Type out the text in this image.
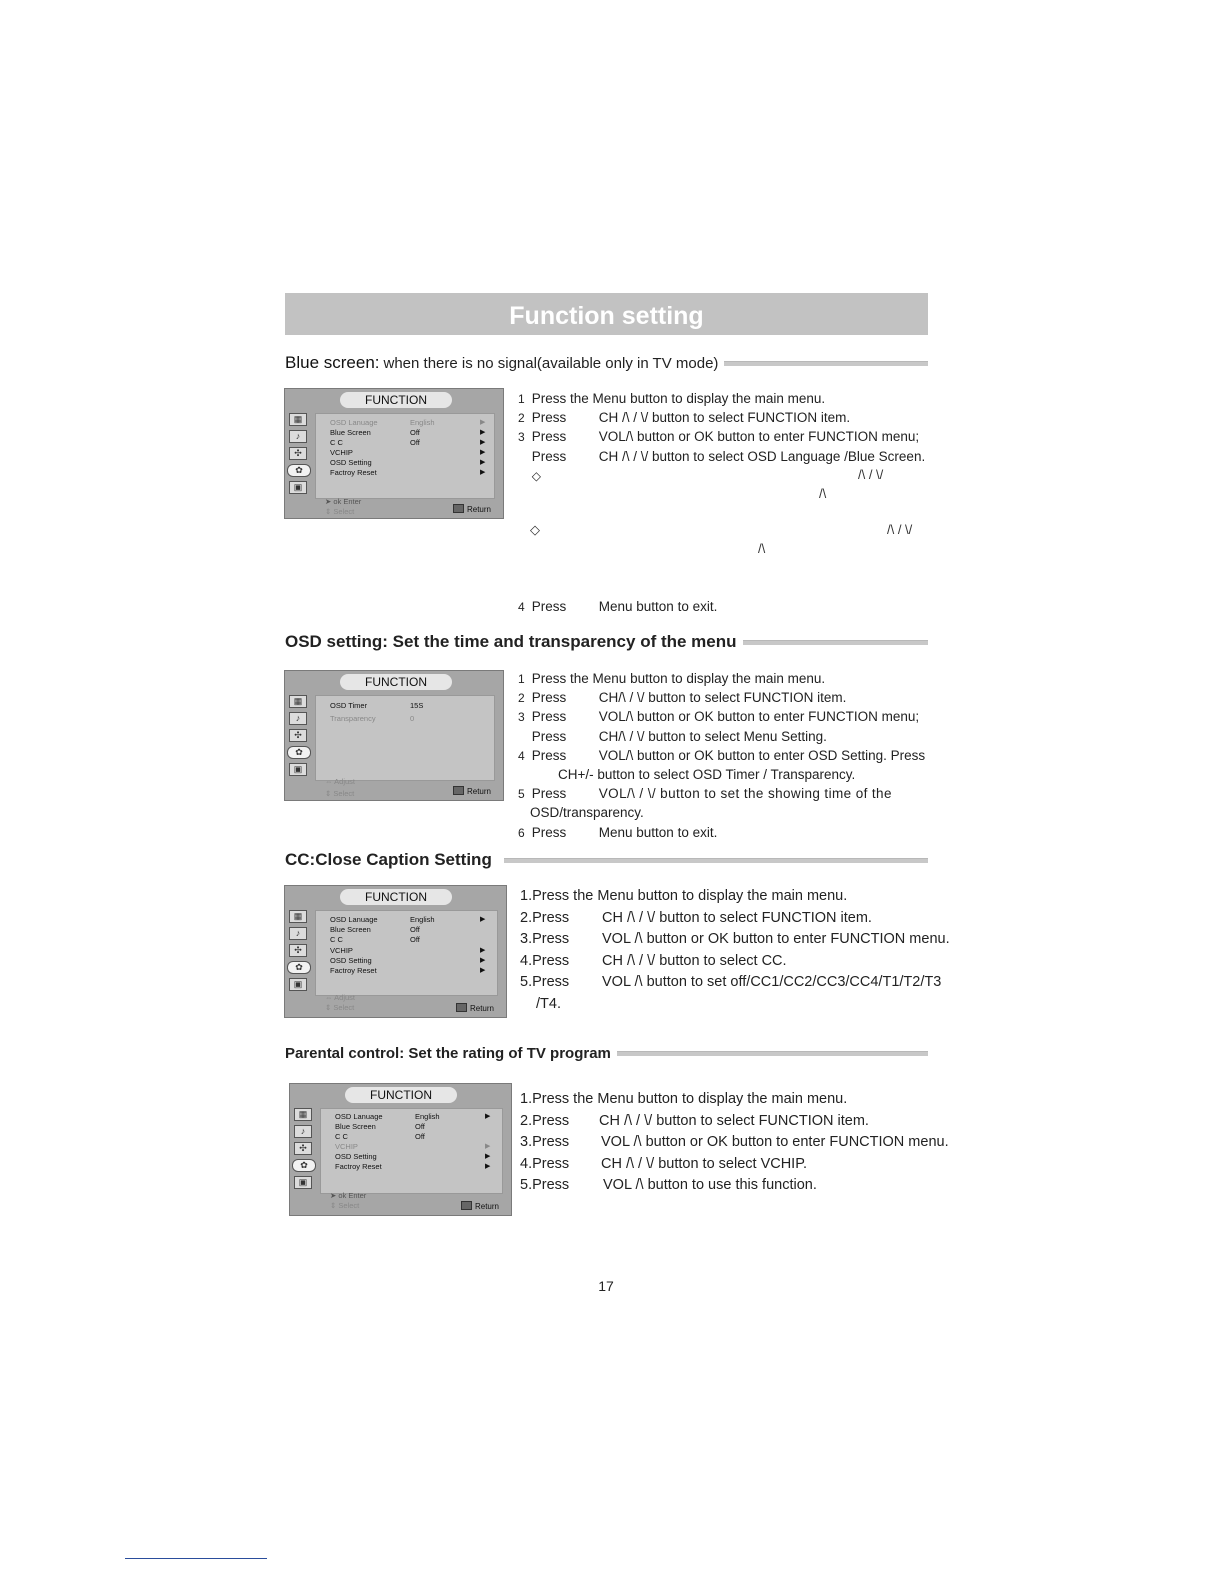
Function setting
Blue screen: when there is no signal(available only in TV mode)
FUNCTION
▦
♪
✣
✿
▣
OSD Lanuage	English	▶
Blue Screen	Off	▶
C C	Off	▶
VCHIP	▶
OSD Setting	▶
Factroy Reset	▶
➤ ok Enter
⇕ Select	Return
1 Press the Menu button to display the main menu.
2 Press CH /\ / \/ button to select FUNCTION item.
3 Press VOL/\ button or OK button to enter FUNCTION menu;
Press CH /\ / \/ button to select OSD Language /Blue Screen.
◇	/\ / \/
/\
◇	/\ / \/
/\
4 Press Menu button to exit.
OSD setting: Set the time and transparency of the menu
FUNCTION
▦
♪
✣
✿
▣
OSD Timer	15S
Transparency	0
⇔ Adjust
⇕ Select	Return
1 Press the Menu button to display the main menu.
2 Press CH/\ / \/ button to select FUNCTION item.
3 Press VOL/\ button or OK button to enter FUNCTION menu;
Press CH/\ / \/ button to select Menu Setting.
4 Press VOL/\ button or OK button to enter OSD Setting. Press
CH+/- button to select OSD Timer / Transparency.
5 Press VOL/\ / \/ button to set the showing time of the
OSD/transparency.
6 Press Menu button to exit.
CC:Close Caption Setting
FUNCTION
▦
♪
✣
✿
▣
OSD Lanuage	English	▶
Blue Screen	Off
C C	Off
VCHIP	▶
OSD Setting	▶
Factroy Reset	▶
⇔ Adjust
⇕ Select	Return
1.Press the Menu button to display the main menu.
2.Press CH /\ / \/ button to select FUNCTION item.
3.Press VOL /\ button or OK button to enter FUNCTION menu.
4.Press CH /\ / \/ button to select CC.
5.Press VOL /\ button to set off/CC1/CC2/CC3/CC4/T1/T2/T3
/T4.
Parental control: Set the rating of TV program
FUNCTION
▦
♪
✣
✿
▣
OSD Lanuage	English	▶
Blue Screen	Off
C C	Off
VCHIP	▶
OSD Setting	▶
Factroy Reset	▶
➤ ok Enter
⇕ Select	Return
1.Press the Menu button to display the main menu.
2.Press CH /\ / \/ button to select FUNCTION item.
3.Press VOL /\ button or OK button to enter FUNCTION menu.
4.Press CH /\ / \/ button to select VCHIP.
5.Press VOL /\ button to use this function.
17
